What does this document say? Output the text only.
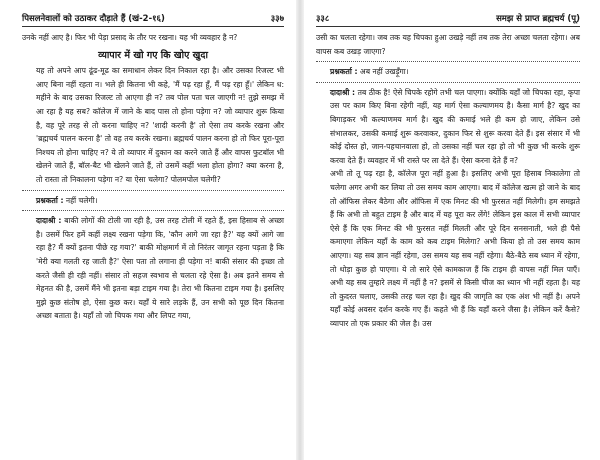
पिसलनेवालों को उठाकर दौड़ाते हैं (खं-2-१६)	३३७

उनके नहीं आए है। फिर भी पेड़ा प्रसाद के तौर पर रखना। यह भी व्यवहार है न?

व्यापार में खो गए कि खोए खुदा

यह तो अपने आप ढूंढ-मूढ का समाधान लेकर दिन निकाल रहा है। और उसका रिजल्ट भी आए बिना नहीं रहता न। भले ही कितना भी कहे, 'मैं पढ़ रहा हूँ, मैं पढ़ रहा हूँ।' लेकिन ध: महीने के बाद उसका रिजल्ट तो आएगा ही न? तब पोल पता चल जाएगी न! तुझे समझ में आ रहा है यह सब? कॉलेज में जाने के बाद पास तो होना पड़ेगा न? जो व्यापार शुरू किया है, वह पूरे तरह से तो करना चाहिए न? 'शादी करनी है' तो ऐसा तय करके रखना और 'ब्रह्मचर्य पालन करना है' तो वह तय करके रखना। ब्रह्मचर्य पालन करना हो तो फिर पूरा-पूरा निश्चय तो होना चाहिए न? ये तो व्यापार में दुकान का करने जाते हैं और वापस फुटबॉल भी खेलने जाते हैं, बॉल-बैट भी खेलने जाते हैं, तो उसमें कहीं भला होता होगा? क्या करना है, तो रास्ता तो निकालना पड़ेगा न? या ऐसा चलेगा? पोलमपोल चलेगी?

प्रश्नकर्ता : नहीं चलेगी।

दादाश्री : बाकी लोगों की टोली जा रही है, उस तरह टोली में रहते हैं, इस हिसाब से अच्छा है। उसमें फिर हमें कहीं लक्ष्य रखना पड़ेगा कि, 'कौन आगे जा रहा है?' यह क्यों आगे जा रहा है? मैं क्यों इतना पीछे रह गया?' बाकी मोक्षमार्ग में तो निरंतर जागृत रहना पड़ता है कि 'मेरी क्या गलती रह जाती है?' ऐसा पता तो लगाना ही पड़ेगा न! बाकी संसार की इच्छा तो करते जैसी ही रही नहीं। संसार तो सहज स्वभाव से चलता रहे ऐसा है। अब इतने समय से मेहनत की है, उसमें मैंने भी इतना बड़ा टाइम गया है। तेरा भी कितना टाइम गया है। इसलिए मुझे कुछ संतोष हो, ऐसा कुछ कर। यहाँ ये सारे लड़के हैं, उन सभी को पूछ दिन कितना अच्छा बताता है। यहाँ तो जो चिपक गया और लिपट गया,

३३८	समझ से प्राप्त ब्रह्मचर्य (पू)

उसी का चलता रहेगा। जब तक यह चिपका हुआ उखड़े नहीं तब तक तेरा अच्छा चलता रहेगा। अब वापस कब उखड़ जाएगा?

प्रश्नकर्ता : अब नहीं उखड़ूँगा।

दादाश्री : तब ठीक है! ऐसे चिपके रहोगे तभी चल पाएगा। क्योंकि यहाँ जो चिपका रहा, कृपा उस पर काम किए बिना रहेगी नहीं, यह मार्ग ऐसा कल्याणमय है। कैसा मार्ग है? खुद का बिगाड़कर भी कल्याणमय मार्ग है। खुद की कमाई भले ही कम हो जाए, लेकिन उसे संभालकर, उसकी कमाई शुरू करवाकर, दुकान फिर से शुरू करवा देते हैं। इस संसार में भी कोई दोस्त हो, जान-पहचानवाला हो, तो उसका नहीं चल रहा हो तो भी कुछ भी करके शुरू करवा देते हैं। व्यवहार में भी रास्ते पर ला देते हैं। ऐसा करना देते हैं न?

अभी तो तू पढ़ रहा है, कॉलेज पूरा नहीं हुआ है। इसलिए अभी पूरा हिसाब निकालेगा तो चलेगा अगर अभी कर लिया तो उस समय काम आएगा। बाद में कॉलेज खत्म हो जाने के बाद तो ऑफिस लेकर बैठेगा और ऑफिस में एक मिनट की भी फुरसत नहीं मिलेगी। हम समझते हैं कि अभी तो बहुत टाइम है और बाद में यह पूरा कर लेंगे! लेकिन इस काल में सभी व्यापार ऐसे हैं कि एक मिनट की भी फुरसत नहीं मिलती और पूरे दिन सनसनाती, भले ही पैसे कमाएगा लेकिन यहाँ के काम को कब टाइम मिलेगा? अभी किया हो तो उस समय काम आएगा। यह सब ज्ञान नहीं रहेगा, उस समय यह सब नहीं रहेगा। बैठे-बैठे सब ध्यान में रहेगा, तो थोड़ा कुछ हो पाएगा। ये तो सारे ऐसे कामकाज हैं कि टाइम ही वापस नहीं मिल पाएँ। अभी यह सब तुम्हारे लक्ष्य में नहीं है न? इसमें से किसी चीज का ध्यान भी नहीं रहता है। यह तो कुदरत चलाए, उसकी तरह चल रहा है। खुद की जागृति का एक अंश भी नहीं है। अपने यहाँ कोई अवसर दर्शन करके गए हैं। कहते भी हैं कि यहाँ करने जैसा है। लेकिन करें कैसे? व्यापार तो एक प्रकार की जेल है। उस
